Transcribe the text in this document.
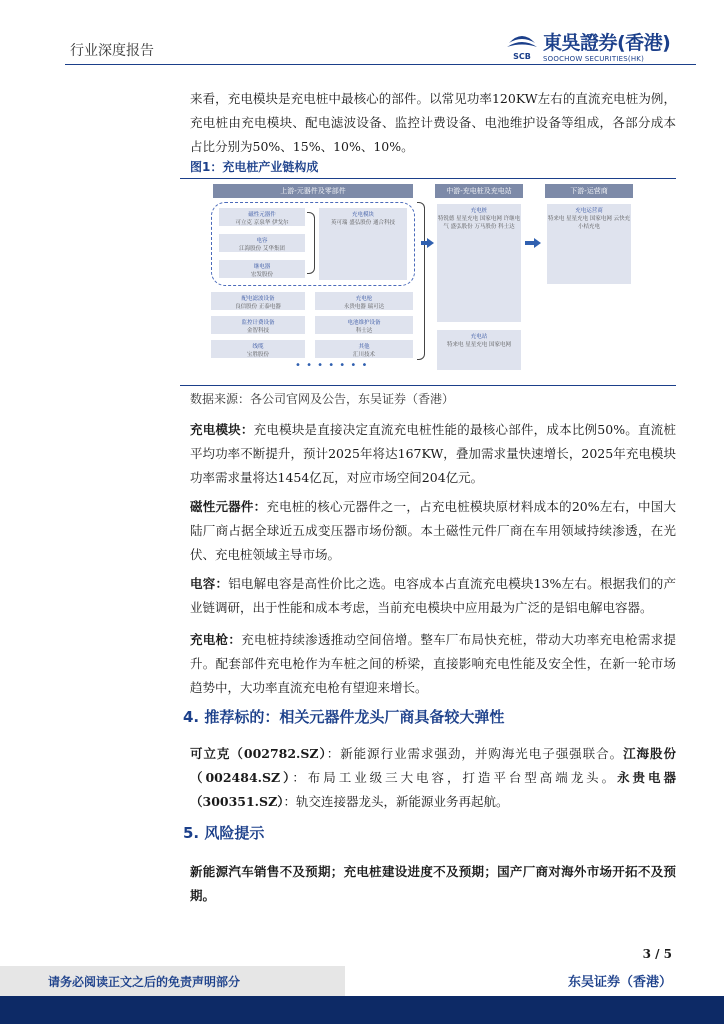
行业深度报告	SCB
東吳證券(香港)
SOOCHOW SECURITIES(HK)

来看，充电模块是充电桩中最核心的部件。以常见功率120KW左右的直流充电桩为例，充电桩由充电模块、配电滤波设备、监控计费设备、电池维护设备等组成，各部分成本占比分别为50%、15%、10%、10%。

图1：充电桩产业链构成
上游-元器件及零部件	中游-充电桩及充电站	下游-运营商
磁性元器件
可立克 京泉华 伊戈尔
电容
江海股份 艾华集团
继电器
宏发股份
充电模块
英可瑞 盛弘股份 通合科技
配电滤波设备
良信股份 正泰电器
充电枪
永贵电器 瑞可达
监控计费设备
金智科技
电池维护设备
科士达
线缆
宝胜股份
其他
汇川技术
• • • • • • •
充电桩
特锐德 星星充电 国家电网 许继电气 盛弘股份 万马股份 科士达
充电站
特来电 星星充电 国家电网
充电运营商
特来电 星星充电 国家电网 云快充 小桔充电
数据来源：各公司官网及公告，东吴证券（香港）

充电模块：充电模块是直接决定直流充电桩性能的最核心部件，成本比例50%。直流桩平均功率不断提升，预计2025年将达167KW，叠加需求量快速增长，2025年充电模块功率需求量将达1454亿瓦，对应市场空间204亿元。

磁性元器件：充电桩的核心元器件之一，占充电桩模块原材料成本的20%左右，中国大陆厂商占据全球近五成变压器市场份额。本土磁性元件厂商在车用领域持续渗透，在光伏、充电桩领域主导市场。

电容：铝电解电容是高性价比之选。电容成本占直流充电模块13%左右。根据我们的产业链调研，出于性能和成本考虑，当前充电模块中应用最为广泛的是铝电解电容器。

充电枪：充电桩持续渗透推动空间倍增。整车厂布局快充桩，带动大功率充电枪需求提升。配套部件充电枪作为车桩之间的桥梁，直接影响充电性能及安全性，在新一轮市场趋势中，大功率直流充电枪有望迎来增长。

4. 推荐标的：相关元器件龙头厂商具备较大弹性

可立克（002782.SZ）：新能源行业需求强劲，并购海光电子强强联合。江海股份（002484.SZ）：布局工业级三大电容，打造平台型高端龙头。永贵电器（300351.SZ）：轨交连接器龙头，新能源业务再起航。

5. 风险提示

新能源汽车销售不及预期；充电桩建设进度不及预期；国产厂商对海外市场开拓不及预期。

3 / 5
请务必阅读正文之后的免责声明部分	东吴证券（香港）
